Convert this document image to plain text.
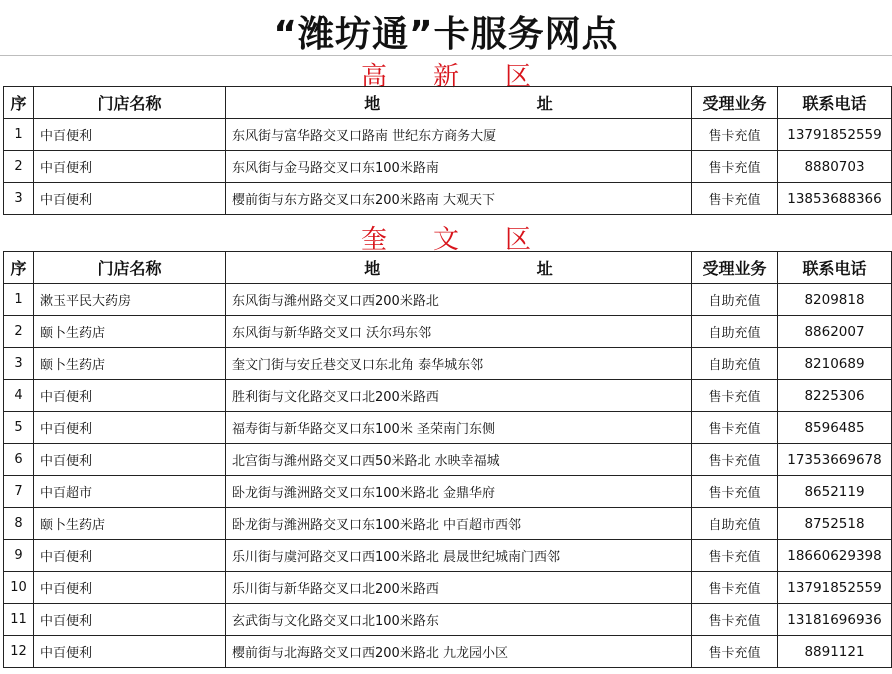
“潍坊通”卡服务网点
高新区
序	门店名称	地 址	受理业务	联系电话
1	中百便利	东风街与富华路交叉口路南 世纪东方商务大厦	售卡充值	13791852559
2	中百便利	东风街与金马路交叉口东100米路南	售卡充值	8880703
3	中百便利	樱前街与东方路交叉口东200米路南 大观天下	售卡充值	13853688366
奎文区
序	门店名称	地 址	受理业务	联系电话
1	漱玉平民大药房	东风街与潍州路交叉口西200米路北	自助充值	8209818
2	颐卜生药店	东风街与新华路交叉口 沃尔玛东邻	自助充值	8862007
3	颐卜生药店	奎文门街与安丘巷交叉口东北角 泰华城东邻	自助充值	8210689
4	中百便利	胜利街与文化路交叉口北200米路西	售卡充值	8225306
5	中百便利	福寿街与新华路交叉口东100米 圣荣南门东侧	售卡充值	8596485
6	中百便利	北宫街与潍州路交叉口西50米路北 水映幸福城	售卡充值	17353669678
7	中百超市	卧龙街与潍洲路交叉口东100米路北 金鼎华府	售卡充值	8652119
8	颐卜生药店	卧龙街与潍洲路交叉口东100米路北 中百超市西邻	自助充值	8752518
9	中百便利	乐川街与虞河路交叉口西100米路北 晨晟世纪城南门西邻	售卡充值	18660629398
10	中百便利	乐川街与新华路交叉口北200米路西	售卡充值	13791852559
11	中百便利	玄武街与文化路交叉口北100米路东	售卡充值	13181696936
12	中百便利	樱前街与北海路交叉口西200米路北 九龙园小区	售卡充值	8891121
